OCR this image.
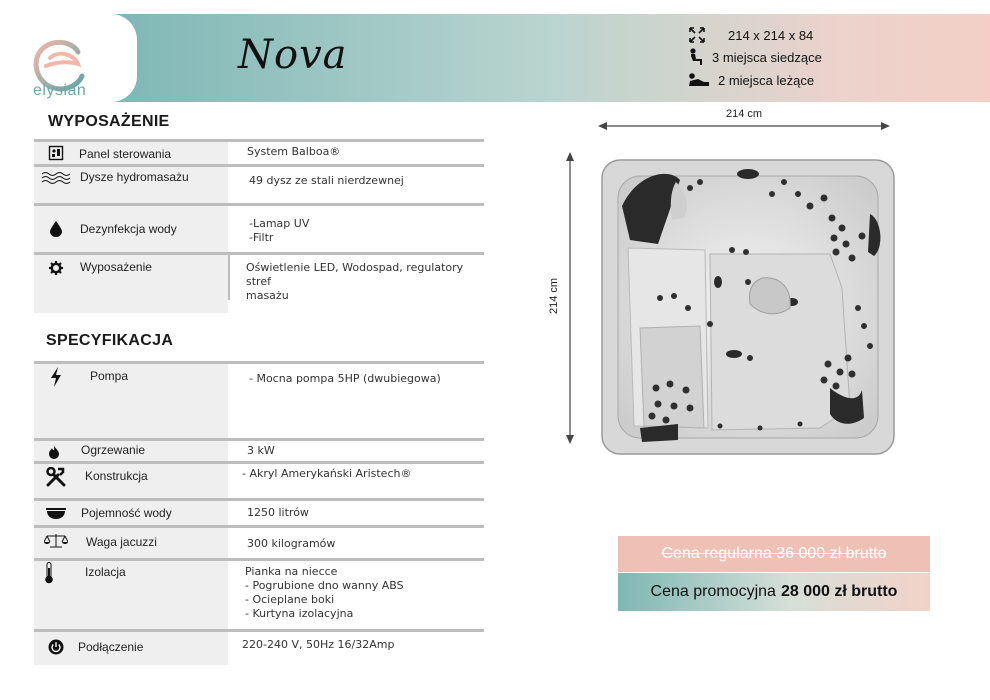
elysian
Nova	214 x 214 x 84
3 miejsca siedzące
2 miejsca leżące
WYPOSAŻENIE
Panel sterowania	System Balboa®
Dysze hydromasażu	49 dysz ze stali nierdzewnej
Dezynfekcja wody	-Lamap UV
-Filtr
Wyposażenie	Oświetlenie LED, Wodospad, regulatory stref
masażu
SPECYFIKACJA
Pompa	- Mocna pompa 5HP (dwubiegowa)
Ogrzewanie	3 kW
Konstrukcja	- Akryl Amerykański Aristech®
Pojemność wody	1250 litrów
Waga jacuzzi	300 kilogramów
Izolacja	Pianka na niecce
- Pogrubione dno wanny ABS
- Ocieplane boki
- Kurtyna izolacyjna
Podłączenie	220-240 V, 50Hz 16/32Amp
214 cm
214 cm
Cena regularna 36 000 zł brutto
Cena promocyjna 28 000 zł brutto
